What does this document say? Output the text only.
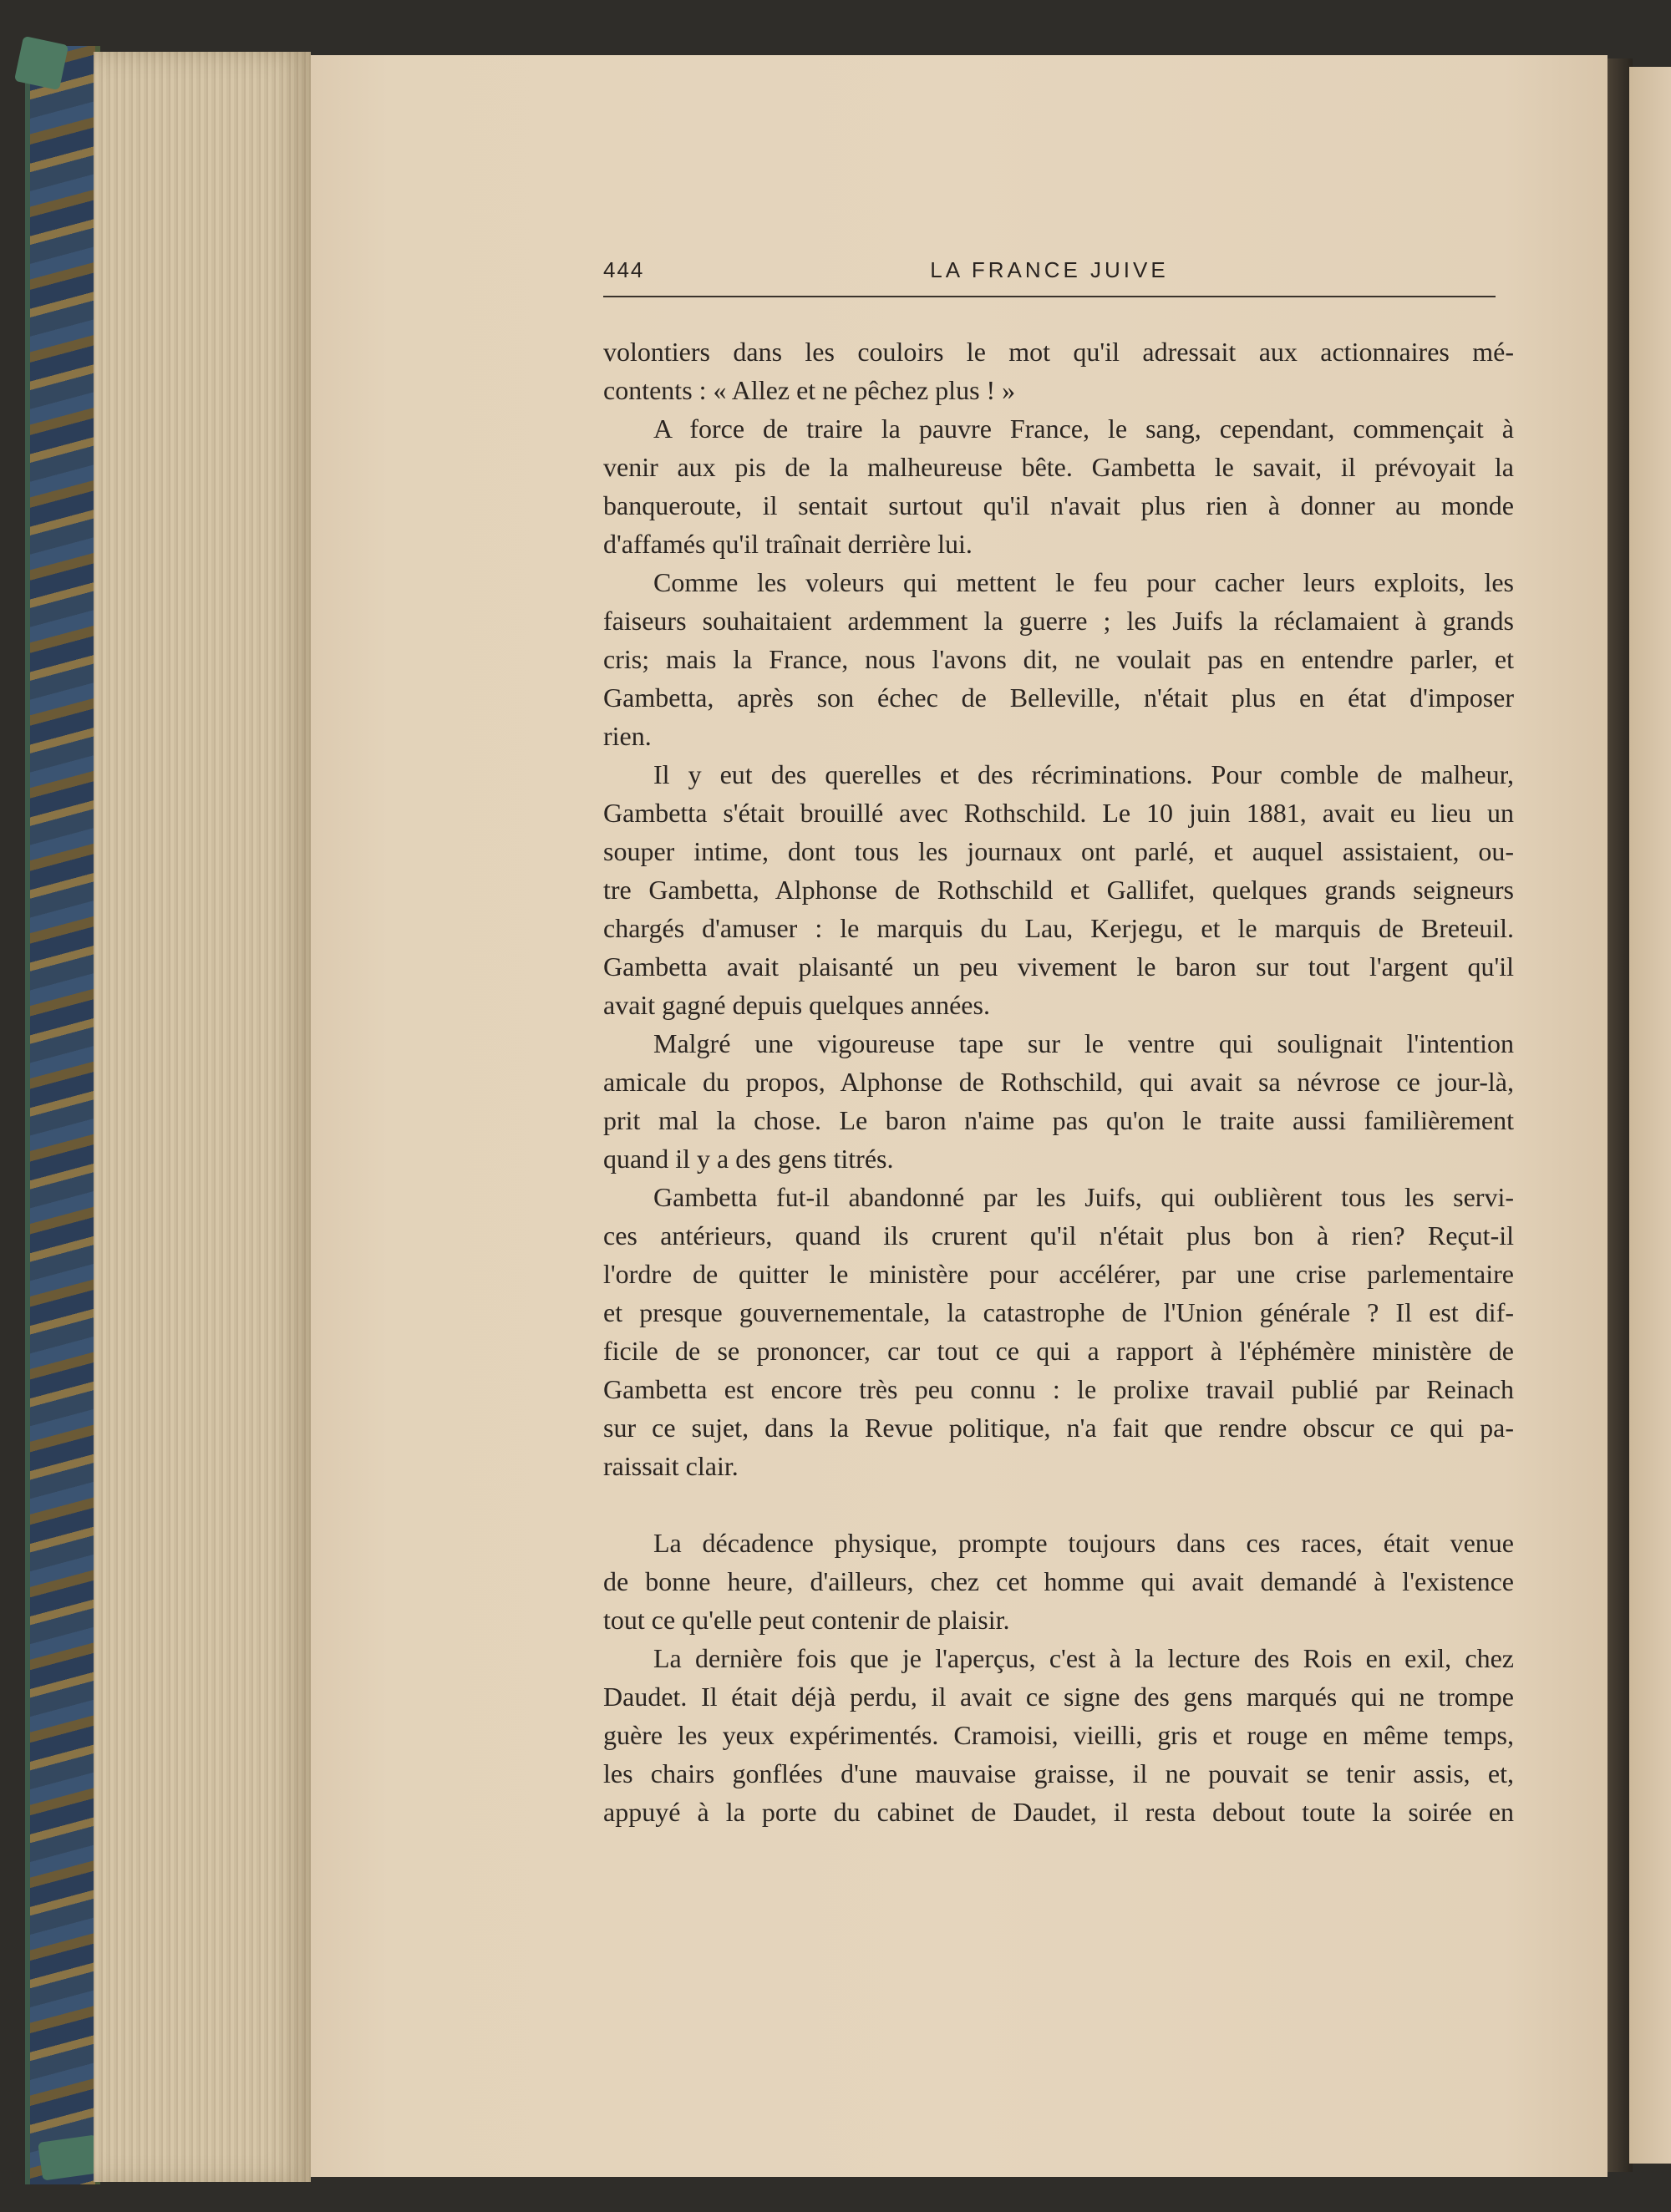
444	LA FRANCE JUIVE
volontiers dans les couloirs le mot qu'il adressait aux actionnaires mé-
contents : « Allez et ne pêchez plus ! »
A force de traire la pauvre France, le sang, cependant, commençait à
venir aux pis de la malheureuse bête. Gambetta le savait, il prévoyait la
banqueroute, il sentait surtout qu'il n'avait plus rien à donner au monde
d'affamés qu'il traînait derrière lui.
Comme les voleurs qui mettent le feu pour cacher leurs exploits, les
faiseurs souhaitaient ardemment la guerre ; les Juifs la réclamaient à grands
cris; mais la France, nous l'avons dit, ne voulait pas en entendre parler, et
Gambetta, après son échec de Belleville, n'était plus en état d'imposer
rien.
Il y eut des querelles et des récriminations. Pour comble de malheur,
Gambetta s'était brouillé avec Rothschild. Le 10 juin 1881, avait eu lieu un
souper intime, dont tous les journaux ont parlé, et auquel assistaient, ou-
tre Gambetta, Alphonse de Rothschild et Gallifet, quelques grands seigneurs
chargés d'amuser : le marquis du Lau, Kerjegu, et le marquis de Breteuil.
Gambetta avait plaisanté un peu vivement le baron sur tout l'argent qu'il
avait gagné depuis quelques années.
Malgré une vigoureuse tape sur le ventre qui soulignait l'intention
amicale du propos, Alphonse de Rothschild, qui avait sa névrose ce jour-là,
prit mal la chose. Le baron n'aime pas qu'on le traite aussi familièrement
quand il y a des gens titrés.
Gambetta fut-il abandonné par les Juifs, qui oublièrent tous les servi-
ces antérieurs, quand ils crurent qu'il n'était plus bon à rien? Reçut-il
l'ordre de quitter le ministère pour accélérer, par une crise parlementaire
et presque gouvernementale, la catastrophe de l'Union générale ? Il est dif-
ficile de se prononcer, car tout ce qui a rapport à l'éphémère ministère de
Gambetta est encore très peu connu : le prolixe travail publié par Reinach
sur ce sujet, dans la Revue politique, n'a fait que rendre obscur ce qui pa-
raissait clair.
La décadence physique, prompte toujours dans ces races, était venue
de bonne heure, d'ailleurs, chez cet homme qui avait demandé à l'existence
tout ce qu'elle peut contenir de plaisir.
La dernière fois que je l'aperçus, c'est à la lecture des Rois en exil, chez
Daudet. Il était déjà perdu, il avait ce signe des gens marqués qui ne trompe
guère les yeux expérimentés. Cramoisi, vieilli, gris et rouge en même temps,
les chairs gonflées d'une mauvaise graisse, il ne pouvait se tenir assis, et,
appuyé à la porte du cabinet de Daudet, il resta debout toute la soirée en
